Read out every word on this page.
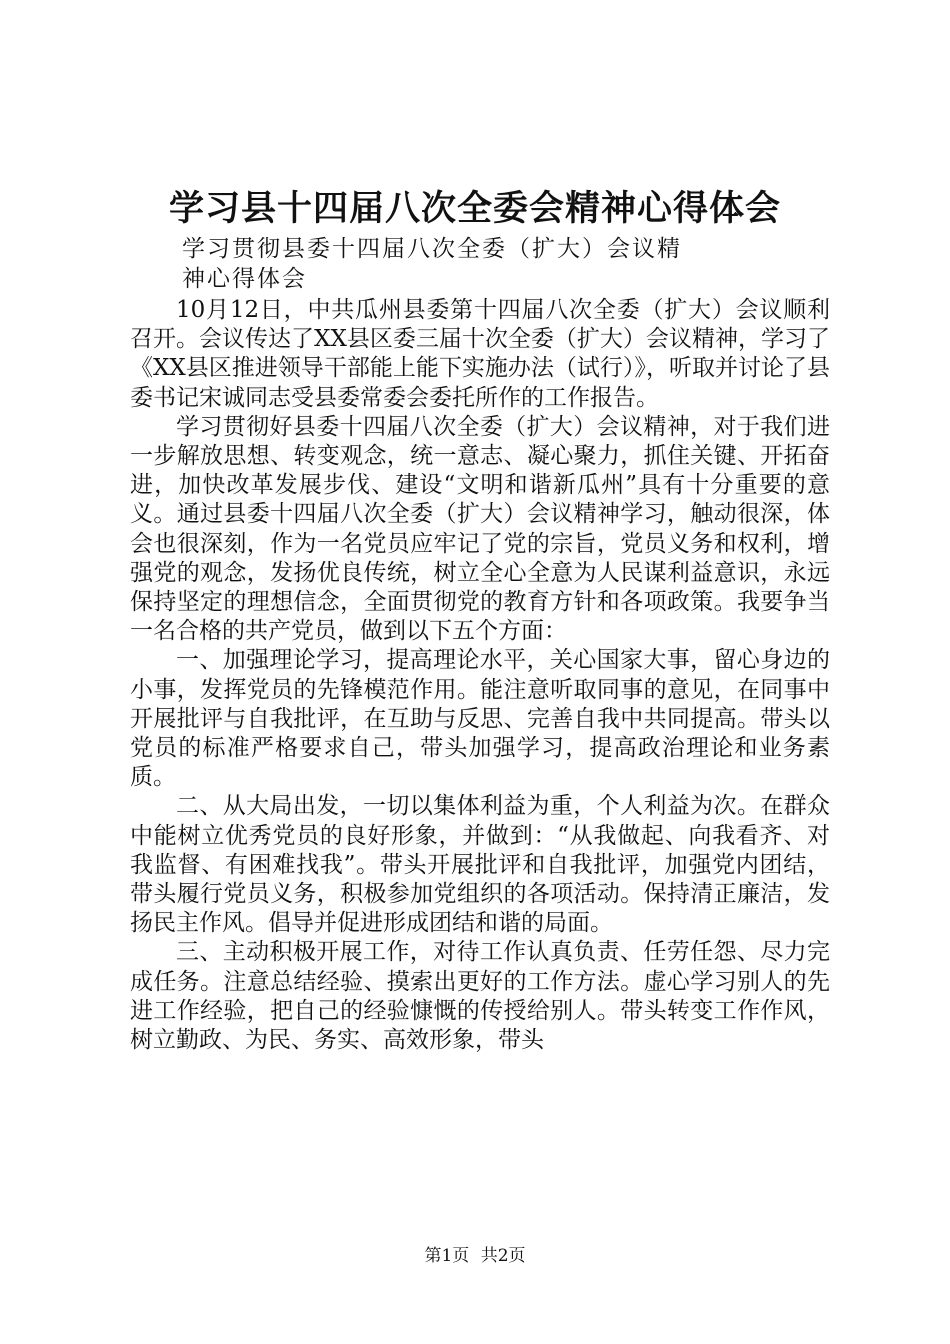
学习县十四届八次全委会精神心得体会

学习贯彻县委十四届八次全委（扩大）会议精神心得体会

10月12日，中共瓜州县委第十四届八次全委（扩大）会议顺利召开。会议传达了XX县区委三届十次全委（扩大）会议精神，学习了《XX县区推进领导干部能上能下实施办法（试行）》，听取并讨论了县委书记宋诚同志受县委常委会委托所作的工作报告。

学习贯彻好县委十四届八次全委（扩大）会议精神，对于我们进一步解放思想、转变观念，统一意志、凝心聚力，抓住关键、开拓奋进，加快改革发展步伐、建设“文明和谐新瓜州”具有十分重要的意义。通过县委十四届八次全委（扩大）会议精神学习，触动很深，体会也很深刻，作为一名党员应牢记了党的宗旨，党员义务和权利，增强党的观念，发扬优良传统，树立全心全意为人民谋利益意识，永远保持坚定的理想信念，全面贯彻党的教育方针和各项政策。我要争当一名合格的共产党员，做到以下五个方面：

一、加强理论学习，提高理论水平，关心国家大事，留心身边的小事，发挥党员的先锋模范作用。能注意听取同事的意见，在同事中开展批评与自我批评，在互助与反思、完善自我中共同提高。带头以党员的标准严格要求自己，带头加强学习，提高政治理论和业务素质。

二、从大局出发，一切以集体利益为重，个人利益为次。在群众中能树立优秀党员的良好形象，并做到：“从我做起、向我看齐、对我监督、有困难找我”。带头开展批评和自我批评，加强党内团结，带头履行党员义务，积极参加党组织的各项活动。保持清正廉洁，发扬民主作风。倡导并促进形成团结和谐的局面。

三、主动积极开展工作，对待工作认真负责、任劳任怨、尽力完成任务。注意总结经验、摸索出更好的工作方法。虚心学习别人的先进工作经验，把自己的经验慷慨的传授给别人。带头转变工作作风，树立勤政、为民、务实、高效形象，带头

第1页 共2页
